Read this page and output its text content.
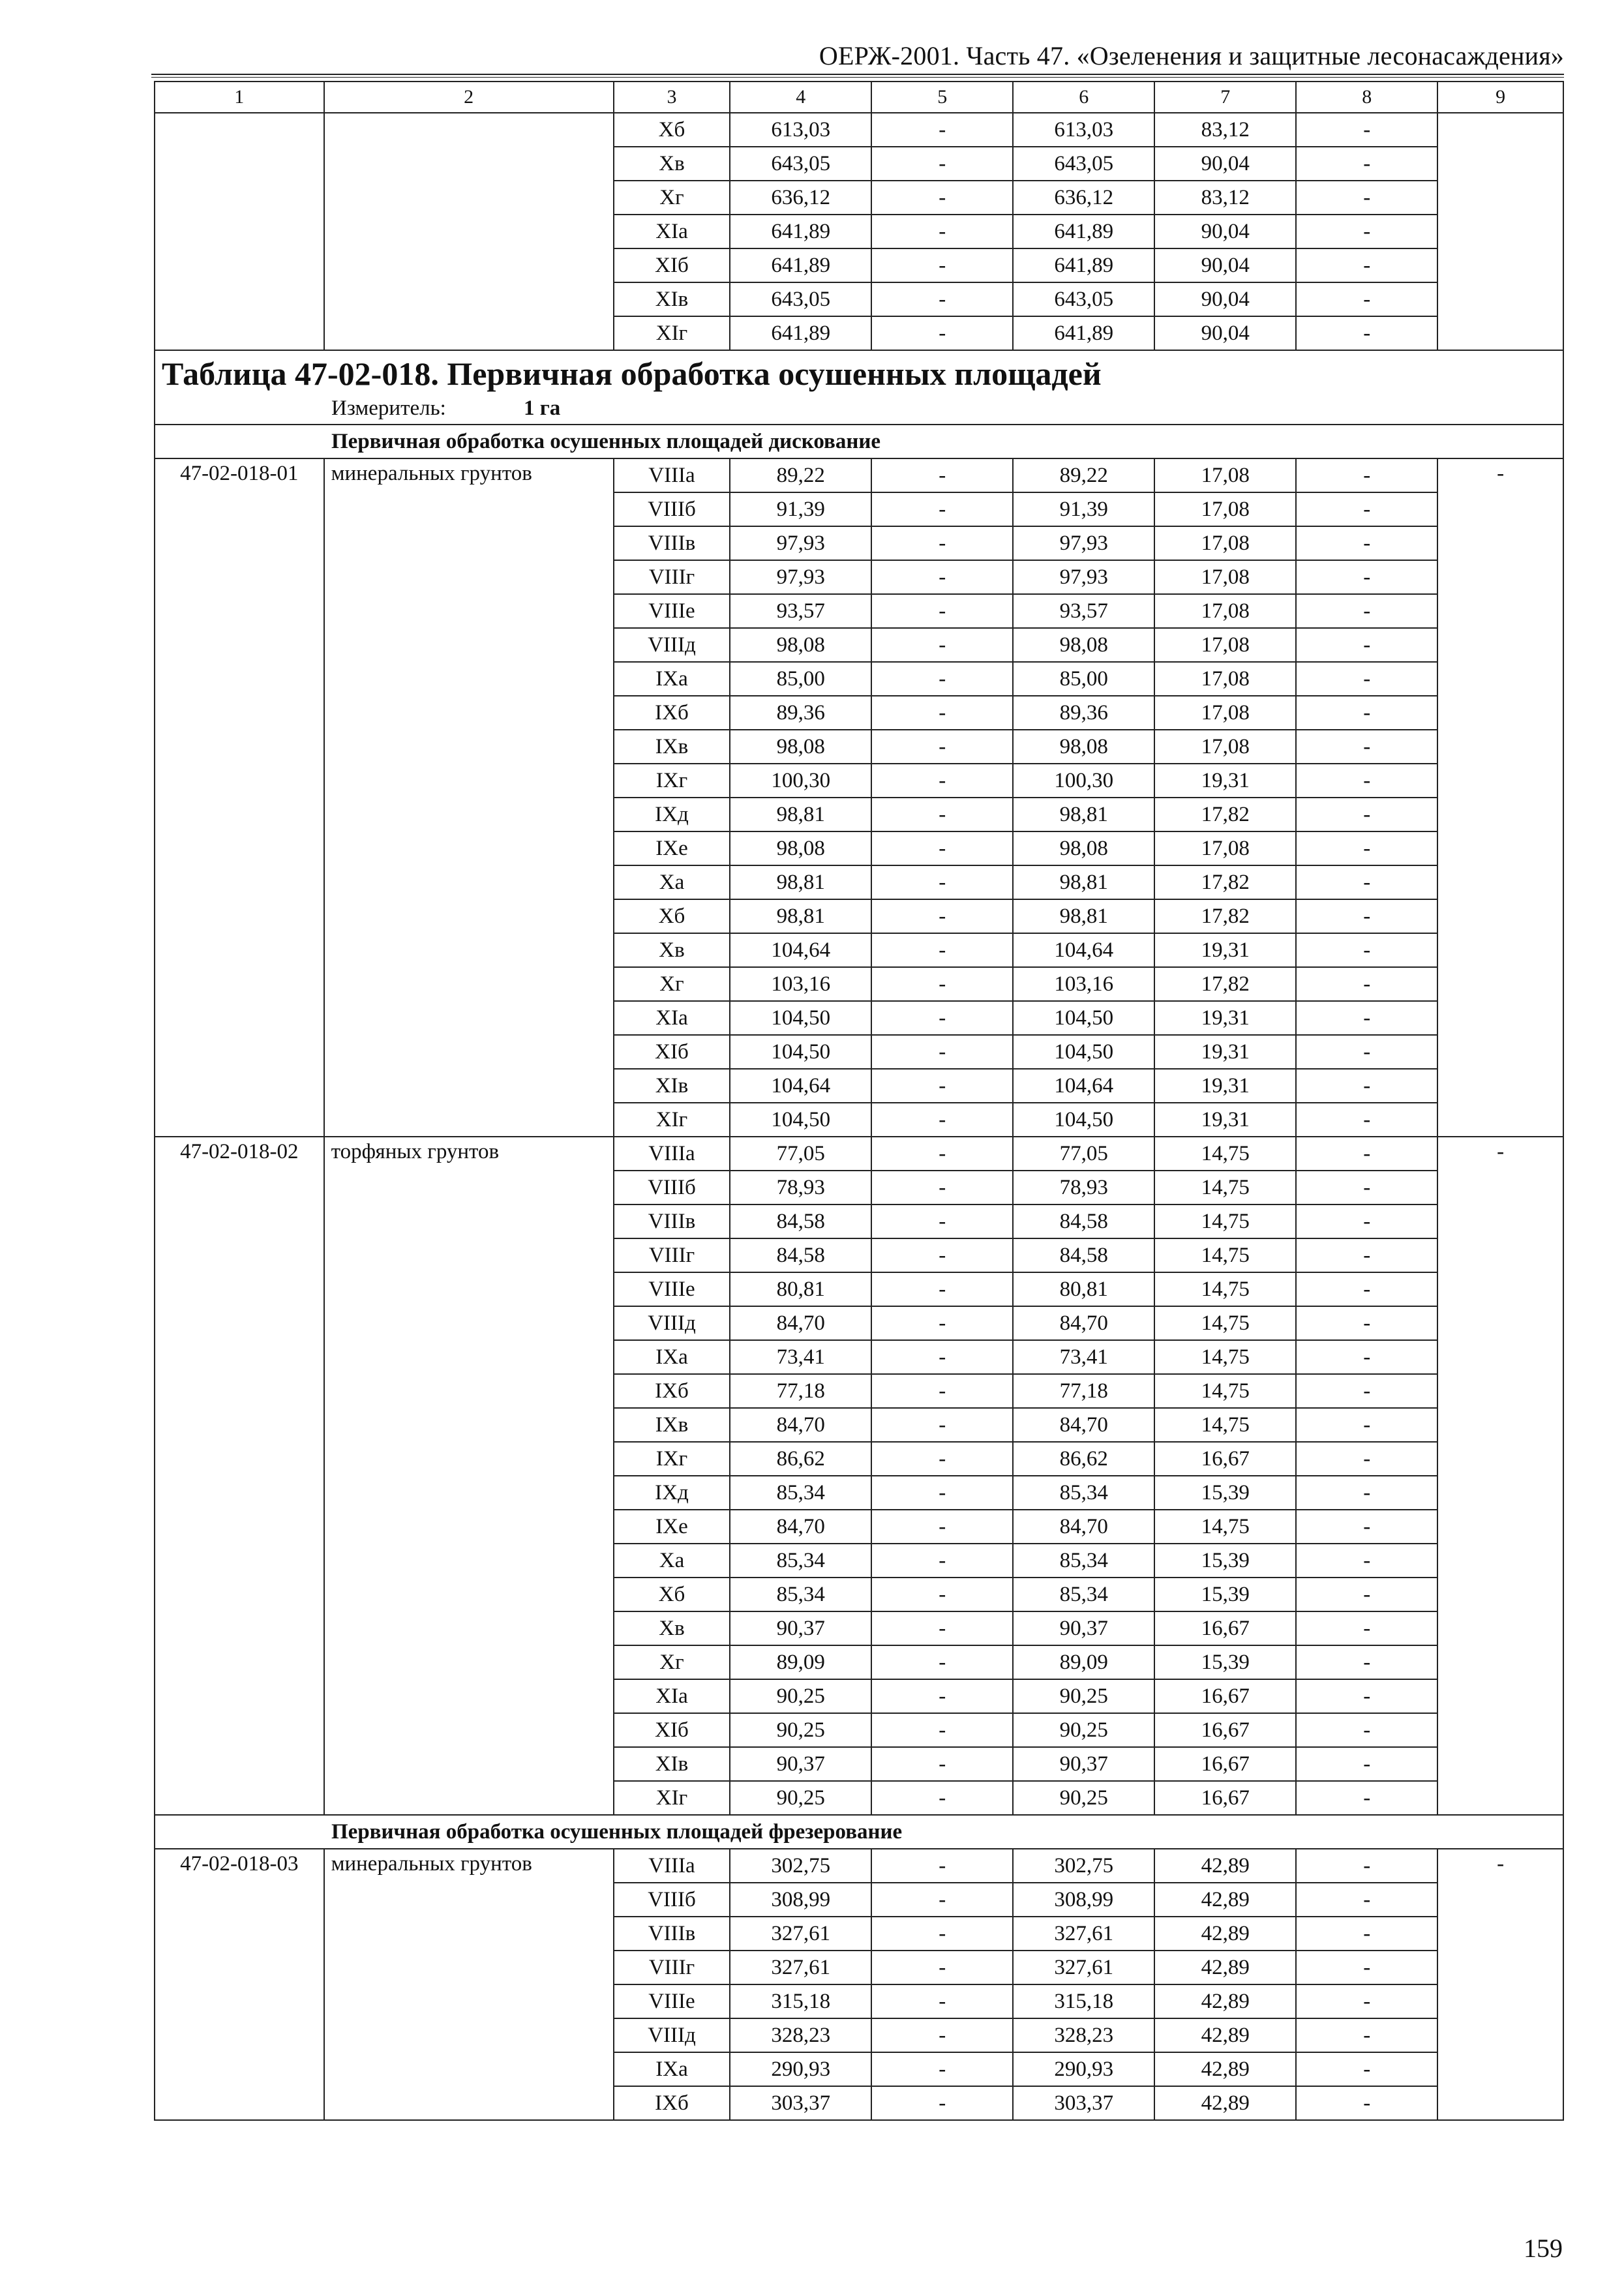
ОЕРЖ-2001. Часть 47. «Озеленения и защитные лесонасаждения»
1	2	3	4	5	6	7	8	9
		Xб	613,03	-	613,03	83,12	-	
		Xв	643,05	-	643,05	90,04	-	
		Xг	636,12	-	636,12	83,12	-	
		XIа	641,89	-	641,89	90,04	-	
		XIб	641,89	-	641,89	90,04	-	
		XIв	643,05	-	643,05	90,04	-	
		XIг	641,89	-	641,89	90,04	-	
Таблица 47-02-018. Первичная обработка осушенных площадей								
Измеритель: 1 га								
Первичная обработка осушенных площадей дискование								
47-02-018-01	минеральных грунтов	VIIIа	89,22	-	89,22	17,08	-	-
		VIIIб	91,39	-	91,39	17,08	-	
		VIIIв	97,93	-	97,93	17,08	-	
		VIIIг	97,93	-	97,93	17,08	-	
		VIIIе	93,57	-	93,57	17,08	-	
		VIIIд	98,08	-	98,08	17,08	-	
		IXа	85,00	-	85,00	17,08	-	
		IXб	89,36	-	89,36	17,08	-	
		IXв	98,08	-	98,08	17,08	-	
		IXг	100,30	-	100,30	19,31	-	
		IXд	98,81	-	98,81	17,82	-	
		IXе	98,08	-	98,08	17,08	-	
		Xа	98,81	-	98,81	17,82	-	
		Xб	98,81	-	98,81	17,82	-	
		Xв	104,64	-	104,64	19,31	-	
		Xг	103,16	-	103,16	17,82	-	
		XIа	104,50	-	104,50	19,31	-	
		XIб	104,50	-	104,50	19,31	-	
		XIв	104,64	-	104,64	19,31	-	
		XIг	104,50	-	104,50	19,31	-	
47-02-018-02	торфяных грунтов	VIIIа	77,05	-	77,05	14,75	-	-
		VIIIб	78,93	-	78,93	14,75	-	
		VIIIв	84,58	-	84,58	14,75	-	
		VIIIг	84,58	-	84,58	14,75	-	
		VIIIе	80,81	-	80,81	14,75	-	
		VIIIд	84,70	-	84,70	14,75	-	
		IXа	73,41	-	73,41	14,75	-	
		IXб	77,18	-	77,18	14,75	-	
		IXв	84,70	-	84,70	14,75	-	
		IXг	86,62	-	86,62	16,67	-	
		IXд	85,34	-	85,34	15,39	-	
		IXе	84,70	-	84,70	14,75	-	
		Xа	85,34	-	85,34	15,39	-	
		Xб	85,34	-	85,34	15,39	-	
		Xв	90,37	-	90,37	16,67	-	
		Xг	89,09	-	89,09	15,39	-	
		XIа	90,25	-	90,25	16,67	-	
		XIб	90,25	-	90,25	16,67	-	
		XIв	90,37	-	90,37	16,67	-	
		XIг	90,25	-	90,25	16,67	-	
Первичная обработка осушенных площадей фрезерование								
47-02-018-03	минеральных грунтов	VIIIа	302,75	-	302,75	42,89	-	-
		VIIIб	308,99	-	308,99	42,89	-	
		VIIIв	327,61	-	327,61	42,89	-	
		VIIIг	327,61	-	327,61	42,89	-	
		VIIIе	315,18	-	315,18	42,89	-	
		VIIIд	328,23	-	328,23	42,89	-	
		IXа	290,93	-	290,93	42,89	-	
		IXб	303,37	-	303,37	42,89	-	
159
